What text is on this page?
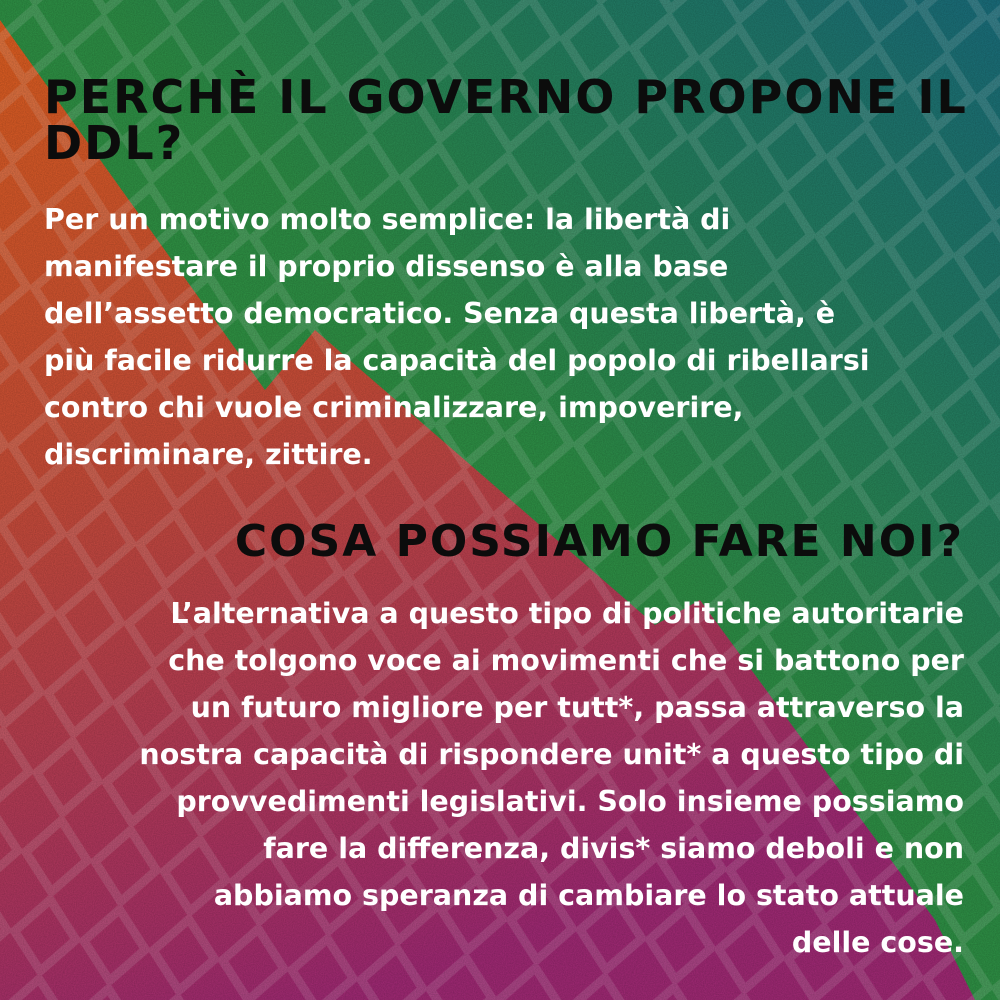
PERCHÈ IL GOVERNO PROPONE IL
DDL?

Per un motivo molto semplice: la libertà di
manifestare il proprio dissenso è alla base
dell’assetto democratico. Senza questa libertà, è
più facile ridurre la capacità del popolo di ribellarsi
contro chi vuole criminalizzare, impoverire,
discriminare, zittire.

COSA POSSIAMO FARE NOI?

L’alternativa a questo tipo di politiche autoritarie
che tolgono voce ai movimenti che si battono per
un futuro migliore per tutt*, passa attraverso la
nostra capacità di rispondere unit* a questo tipo di
provvedimenti legislativi. Solo insieme possiamo
fare la differenza, divis* siamo deboli e non
abbiamo speranza di cambiare lo stato attuale
delle cose.
